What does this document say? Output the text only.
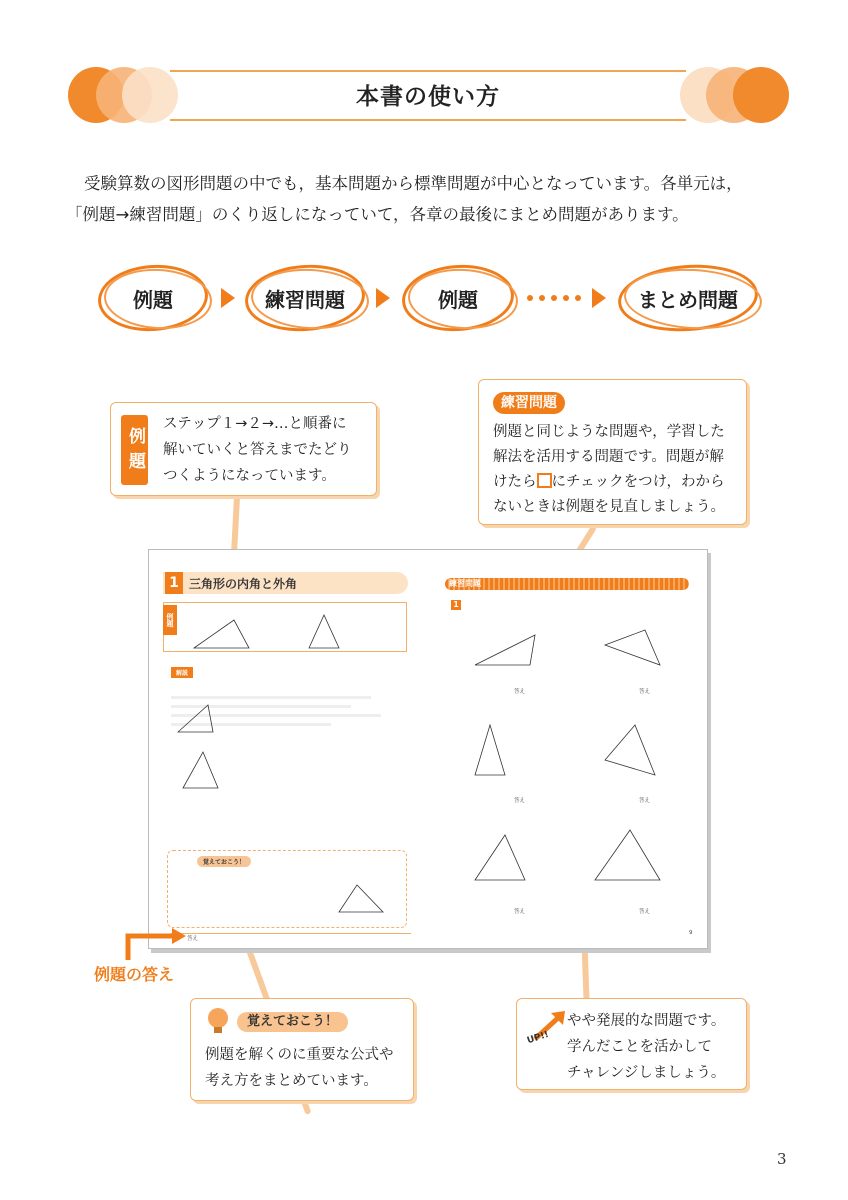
本書の使い方
受験算数の図形問題の中でも，基本問題から標準問題が中心となっています。各単元は，
「例題→練習問題」のくり返しになっていて，各章の最後にまとめ問題があります。
例題	練習問題	例題	まとめ問題
例題
ステップ１→２→…と順番に
解いていくと答えまでたどり
つくようになっています。
練習問題
例題と同じような問題や，学習した
解法を活用する問題です。問題が解
けたら にチェックをつけ，わから
ないときは例題を見直しましょう。
1 三角形の内角と外角
例題
解説
覚えておこう！
答え
練習問題
1
答え	答え
答え	答え
答え	答え
9
例題の答え
覚えておこう！
例題を解くのに重要な公式や
考え方をまとめています。
UP!!
やや発展的な問題です。
学んだことを活かして
チャレンジしましょう。
3
